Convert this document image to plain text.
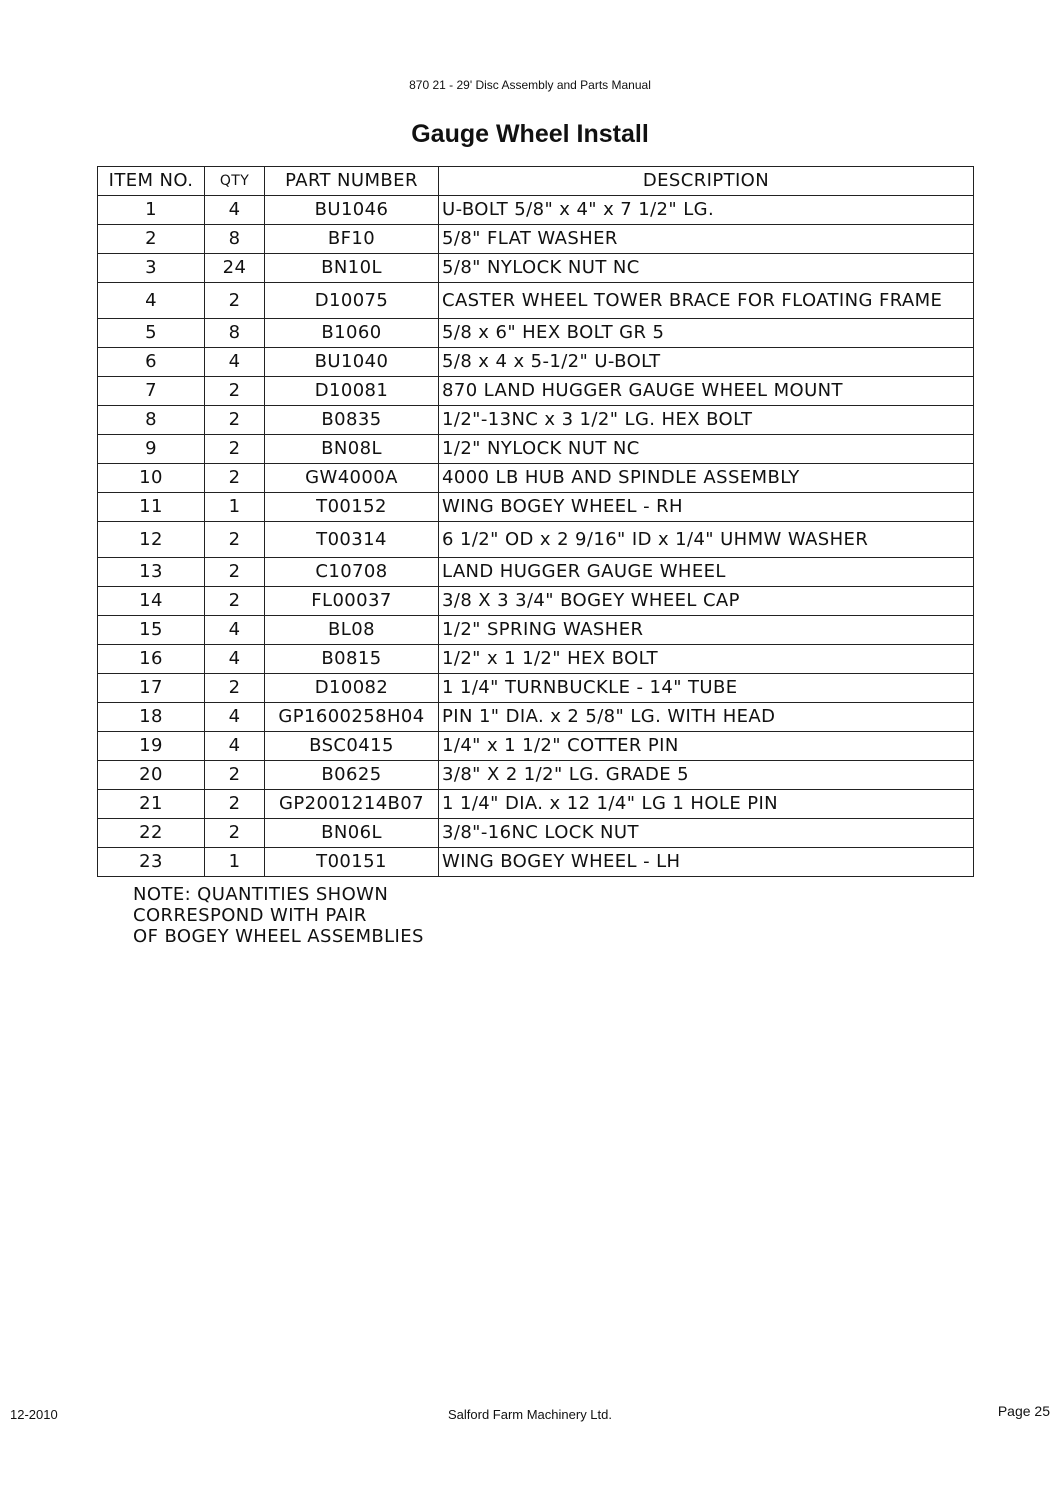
870 21 - 29' Disc Assembly and Parts Manual
Gauge Wheel Install
ITEM NO.	QTY	PART NUMBER	DESCRIPTION
1	4	BU1046	U-BOLT 5/8" x 4" x 7 1/2" LG.
2	8	BF10	5/8" FLAT WASHER
3	24	BN10L	5/8" NYLOCK NUT NC
4	2	D10075	CASTER WHEEL TOWER BRACE FOR FLOATING FRAME
5	8	B1060	5/8 x 6" HEX BOLT GR 5
6	4	BU1040	5/8 x 4 x 5-1/2" U-BOLT
7	2	D10081	870 LAND HUGGER GAUGE WHEEL MOUNT
8	2	B0835	1/2"-13NC x 3 1/2" LG. HEX BOLT
9	2	BN08L	1/2" NYLOCK NUT NC
10	2	GW4000A	4000 LB HUB AND SPINDLE ASSEMBLY
11	1	T00152	WING BOGEY WHEEL - RH
12	2	T00314	6 1/2" OD x 2 9/16" ID x 1/4" UHMW WASHER
13	2	C10708	LAND HUGGER GAUGE WHEEL
14	2	FL00037	3/8 X 3 3/4" BOGEY WHEEL CAP
15	4	BL08	1/2" SPRING WASHER
16	4	B0815	1/2" x 1 1/2" HEX BOLT
17	2	D10082	1 1/4" TURNBUCKLE - 14" TUBE
18	4	GP1600258H04	PIN 1" DIA. x 2 5/8" LG. WITH HEAD
19	4	BSC0415	1/4" x 1 1/2" COTTER PIN
20	2	B0625	3/8" X 2 1/2" LG. GRADE 5
21	2	GP2001214B07	1 1/4" DIA. x 12 1/4" LG 1 HOLE PIN
22	2	BN06L	3/8"-16NC LOCK NUT
23	1	T00151	WING BOGEY WHEEL - LH
NOTE: QUANTITIES SHOWN
CORRESPOND WITH PAIR
OF BOGEY WHEEL ASSEMBLIES
12-2010	Salford Farm Machinery Ltd.	Page 25
